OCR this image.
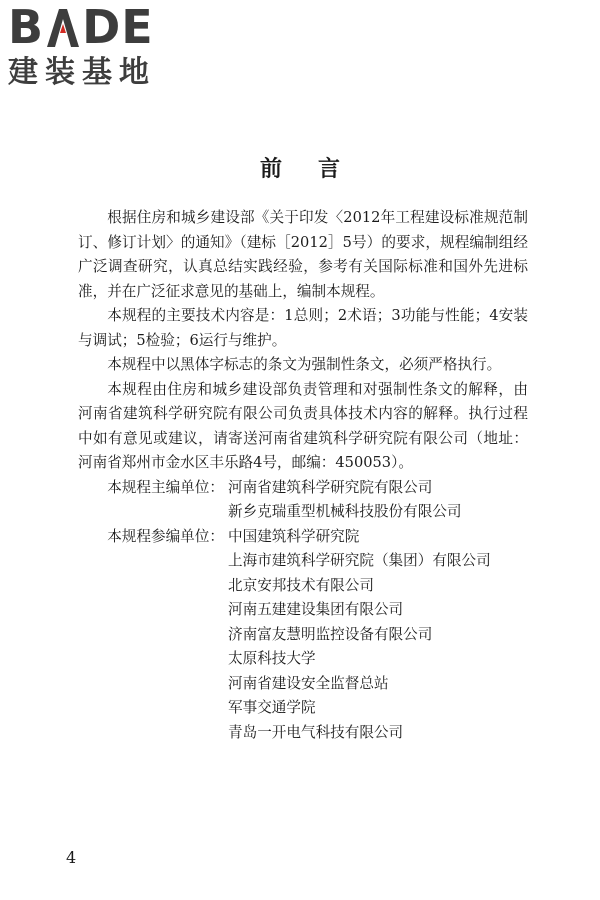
B DE
建装基地
前言

根据住房和城乡建设部《关于印发〈2012年工程建设标准规范制订、修订计划〉的通知》（建标［2012］5号）的要求，规程编制组经广泛调查研究，认真总结实践经验，参考有关国际标准和国外先进标准，并在广泛征求意见的基础上，编制本规程。

本规程的主要技术内容是：1总则；2术语；3功能与性能；4安装与调试；5检验；6运行与维护。

本规程中以黑体字标志的条文为强制性条文，必须严格执行。

本规程由住房和城乡建设部负责管理和对强制性条文的解释，由河南省建筑科学研究院有限公司负责具体技术内容的解释。执行过程中如有意见或建议，请寄送河南省建筑科学研究院有限公司（地址：河南省郑州市金水区丰乐路4号，邮编：450053）。

本规程主编单位： 河南省建筑科学研究院有限公司
新乡克瑞重型机械科技股份有限公司
本规程参编单位： 中国建筑科学研究院
上海市建筑科学研究院（集团）有限公司
北京安邦技术有限公司
河南五建建设集团有限公司
济南富友慧明监控设备有限公司
太原科技大学
河南省建设安全监督总站
军事交通学院
青岛一开电气科技有限公司
4
